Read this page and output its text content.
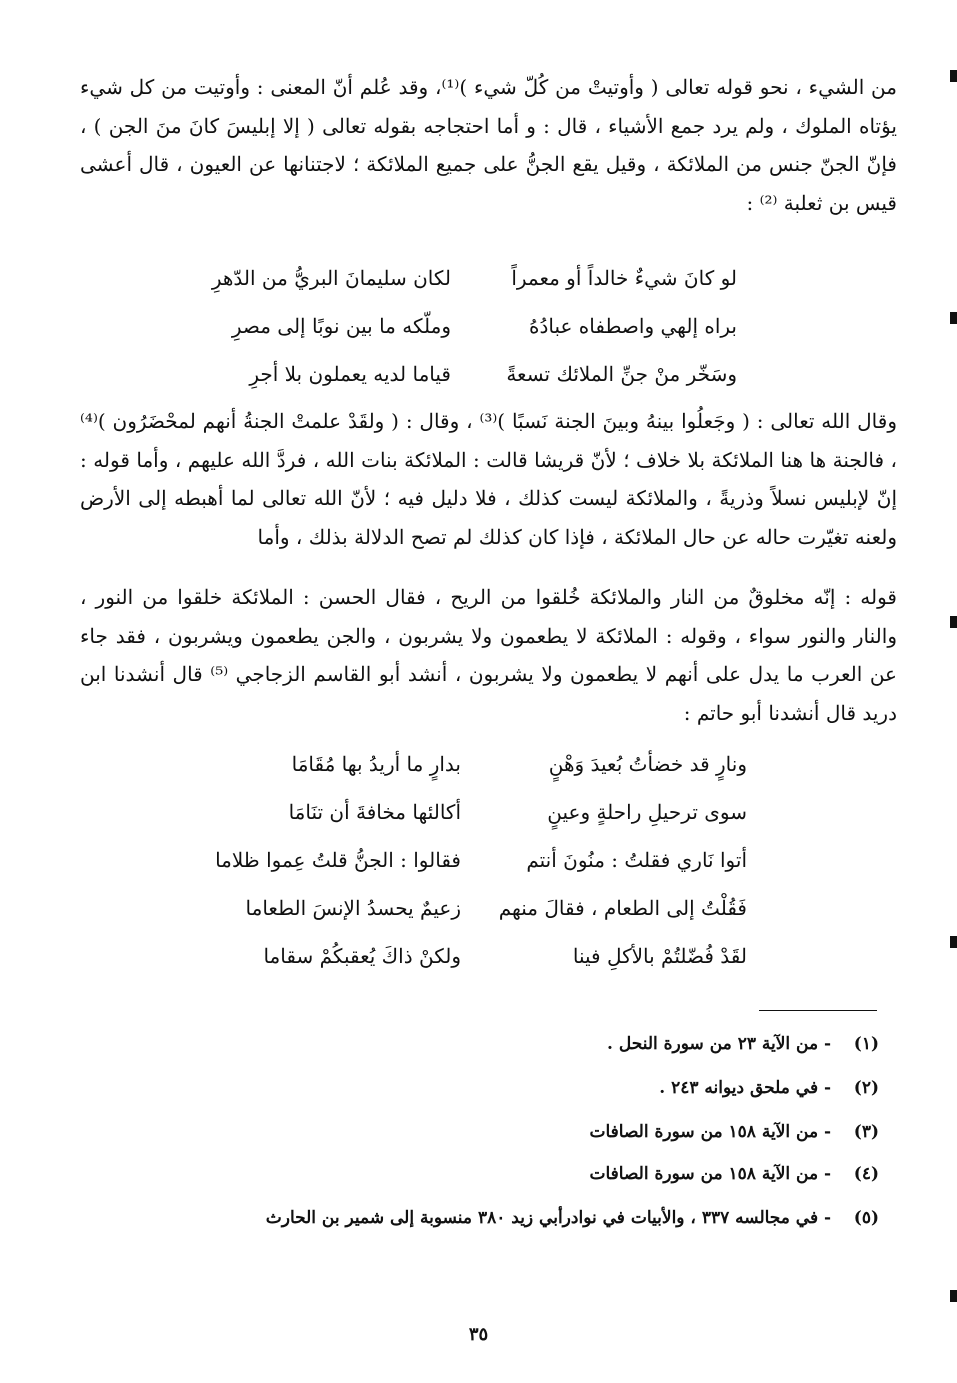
من الشيء ، نحو قوله تعالى ( وأوتيتْ من كُلّ شيء )⁽¹⁾، وقد عُلم أنّ المعنى : وأوتيت من كل شيء يؤتاه الملوك ، ولم يرد جمع الأشياء ، قال : و أما احتجاجه بقوله تعالى ( إلا إبليسَ كانَ منَ الجن ) ، فإنّ الجنّ جنس من الملائكة ، وقيل يقع الجنُّ على جميع الملائكة ؛ لاجتنانها عن العيون ، قال أعشى قيس بن ثعلبة ⁽²⁾ :

لو كانَ شيءٌ خالداً أو معمراً
لكان سليمانَ البريُّ من الدّهرِ
براه إلهي واصطفاه عبادُهُ
وملّكه ما بين نوبًا إلى مصرِ
وسَخّر منْ جنِّ الملائك تسعةً
قياما لديه يعملون بلا أجرِ

وقال الله تعالى : ( وجَعلُوا بينهُ وبينَ الجنة نَسبًا )⁽³⁾ ، وقال : ( ولقَدْ علمتْ الجنةُ أنهم لمحْضَرُون )⁽⁴⁾ ، فالجنة ها هنا الملائكة بلا خلاف ؛ لأنّ قريشا قالت : الملائكة بنات الله ، فردَّ الله عليهم ، وأما قوله : إنّ لإبليس نسلاً وذريةً ، والملائكة ليست كذلك ، فلا دليل فيه ؛ لأنّ الله تعالى لما أهبطه إلى الأرض ولعنه تغيّرت حاله عن حال الملائكة ، فإذا كان كذلك لم تصح الدلالة بذلك ، وأما

قوله : إنّه مخلوقٌ من النار والملائكة خُلقوا من الريح ، فقال الحسن : الملائكة خلقوا من النور ، والنار والنور سواء ، وقوله : الملائكة لا يطعمون ولا يشربون ، والجن يطعمون ويشربون ، فقد جاء عن العرب ما يدل على أنهم لا يطعمون ولا يشربون ، أنشد أبو القاسم الزجاجي ⁽⁵⁾ قال أنشدنا ابن دريد قال أنشدنا أبو حاتم :

ونارٍ قد خضأتُ بُعيدَ وَهْنٍ
بدارٍ ما أريدُ بها مُقَامَا
سوى ترحيلِ راحلةٍ وعينٍ
أكالئها مخافةَ أن تنَامَا
أتوا نَاري فقلتُ : منُونَ أنتم
فقالوا : الجنُّ قلتُ عِموا ظلاما
فَقُلْتُ إلى الطعام ، فقالَ منهم
زعيمٌ يحسدُ الإنسَ الطعاما
لقَدْ فُضّلتُمْ بالأكلِ فينا
ولكنْ ذاكَ يُعقبكُمْ سقاما
(١) - من الآية ٢٣ من سورة النحل .
(٢) - في ملحق ديوانه ٢٤٣ .
(٣) - من الآية ١٥٨ من سورة الصافات
(٤) - من الآية ١٥٨ من سورة الصافات
(٥) - في مجالسه ٣٣٧ ، والأبيات في نوادرأبي زيد ٣٨٠ منسوبة إلى شمير بن الحارث
٣٥
